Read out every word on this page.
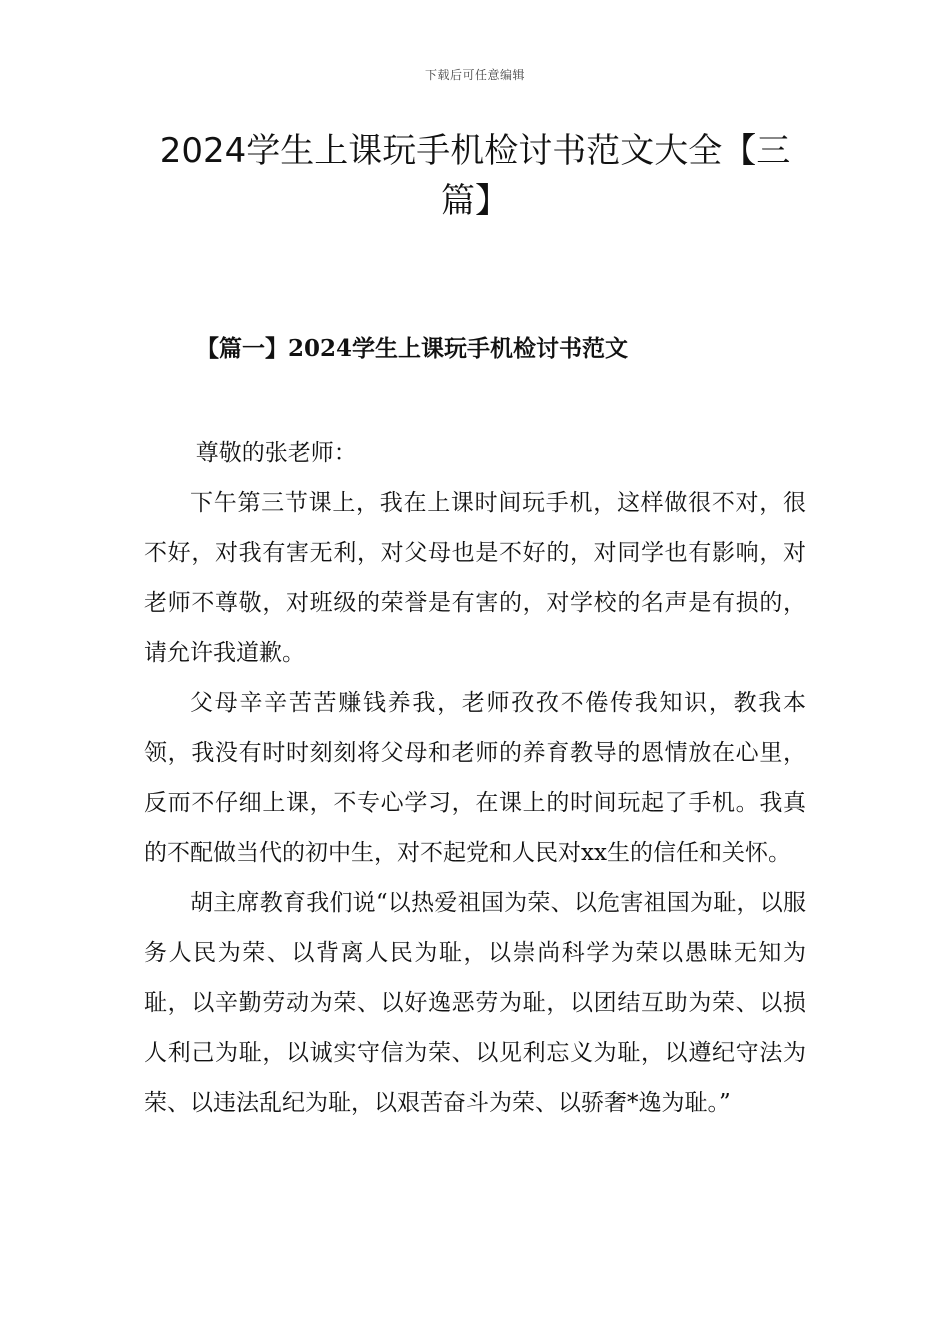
下载后可任意编辑
2024学生上课玩手机检讨书范文大全【三篇】
【篇一】2024学生上课玩手机检讨书范文

尊敬的张老师：

下午第三节课上，我在上课时间玩手机，这样做很不对，很不好，对我有害无利，对父母也是不好的，对同学也有影响，对老师不尊敬，对班级的荣誉是有害的，对学校的名声是有损的，请允许我道歉。

父母辛辛苦苦赚钱养我，老师孜孜不倦传我知识，教我本领，我没有时时刻刻将父母和老师的养育教导的恩情放在心里，反而不仔细上课，不专心学习，在课上的时间玩起了手机。我真的不配做当代的初中生，对不起党和人民对xx生的信任和关怀。

胡主席教育我们说“以热爱祖国为荣、以危害祖国为耻，以服务人民为荣、以背离人民为耻，以崇尚科学为荣以愚昧无知为耻，以辛勤劳动为荣、以好逸恶劳为耻，以团结互助为荣、以损人利己为耻，以诚实守信为荣、以见利忘义为耻，以遵纪守法为荣、以违法乱纪为耻，以艰苦奋斗为荣、以骄奢*逸为耻。”
